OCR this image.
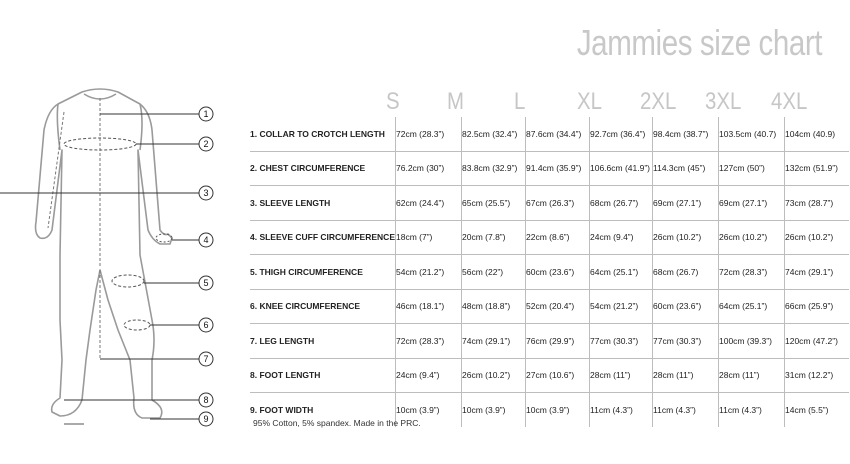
Jammies size chart
1
2
3
4
5
6
7
8
9
S M L XL 2XL 3XL 4XL
1. COLLAR TO CROTCH LENGTH	72cm (28.3”)	82.5cm (32.4”)	87.6cm (34.4”)	92.7cm (36.4”)	98.4cm (38.7”)	103.5cm (40.7)	104cm (40.9)
2. CHEST CIRCUMFERENCE	76.2cm (30”)	83.8cm (32.9”)	91.4cm (35.9”)	106.6cm (41.9”)	114.3cm (45”)	127cm (50”)	132cm (51.9”)
3. SLEEVE LENGTH	62cm (24.4”)	65cm (25.5”)	67cm (26.3”)	68cm (26.7”)	69cm (27.1”)	69cm (27.1”)	73cm (28.7”)
4. SLEEVE CUFF CIRCUMFERENCE	18cm (7”)	20cm (7.8”)	22cm (8.6”)	24cm (9.4”)	26cm (10.2”)	26cm (10.2”)	26cm (10.2”)
5. THIGH CIRCUMFERENCE	54cm (21.2”)	56cm (22”)	60cm (23.6”)	64cm (25.1”)	68cm (26.7)	72cm (28.3”)	74cm (29.1”)
6. KNEE CIRCUMFERENCE	46cm (18.1”)	48cm (18.8”)	52cm (20.4”)	54cm (21.2”)	60cm (23.6”)	64cm (25.1”)	66cm (25.9”)
7. LEG LENGTH	72cm (28.3”)	74cm (29.1”)	76cm (29.9”)	77cm (30.3”)	77cm (30.3”)	100cm (39.3”)	120cm (47.2”)
8. FOOT LENGTH	24cm (9.4”)	26cm (10.2”)	27cm (10.6”)	28cm (11”)	28cm (11”)	28cm (11”)	31cm (12.2”)
9. FOOT WIDTH	10cm (3.9”)	10cm (3.9”)	10cm (3.9”)	11cm (4.3”)	11cm (4.3”)	11cm (4.3”)	14cm (5.5”)
95% Cotton, 5% spandex. Made in the PRC.
